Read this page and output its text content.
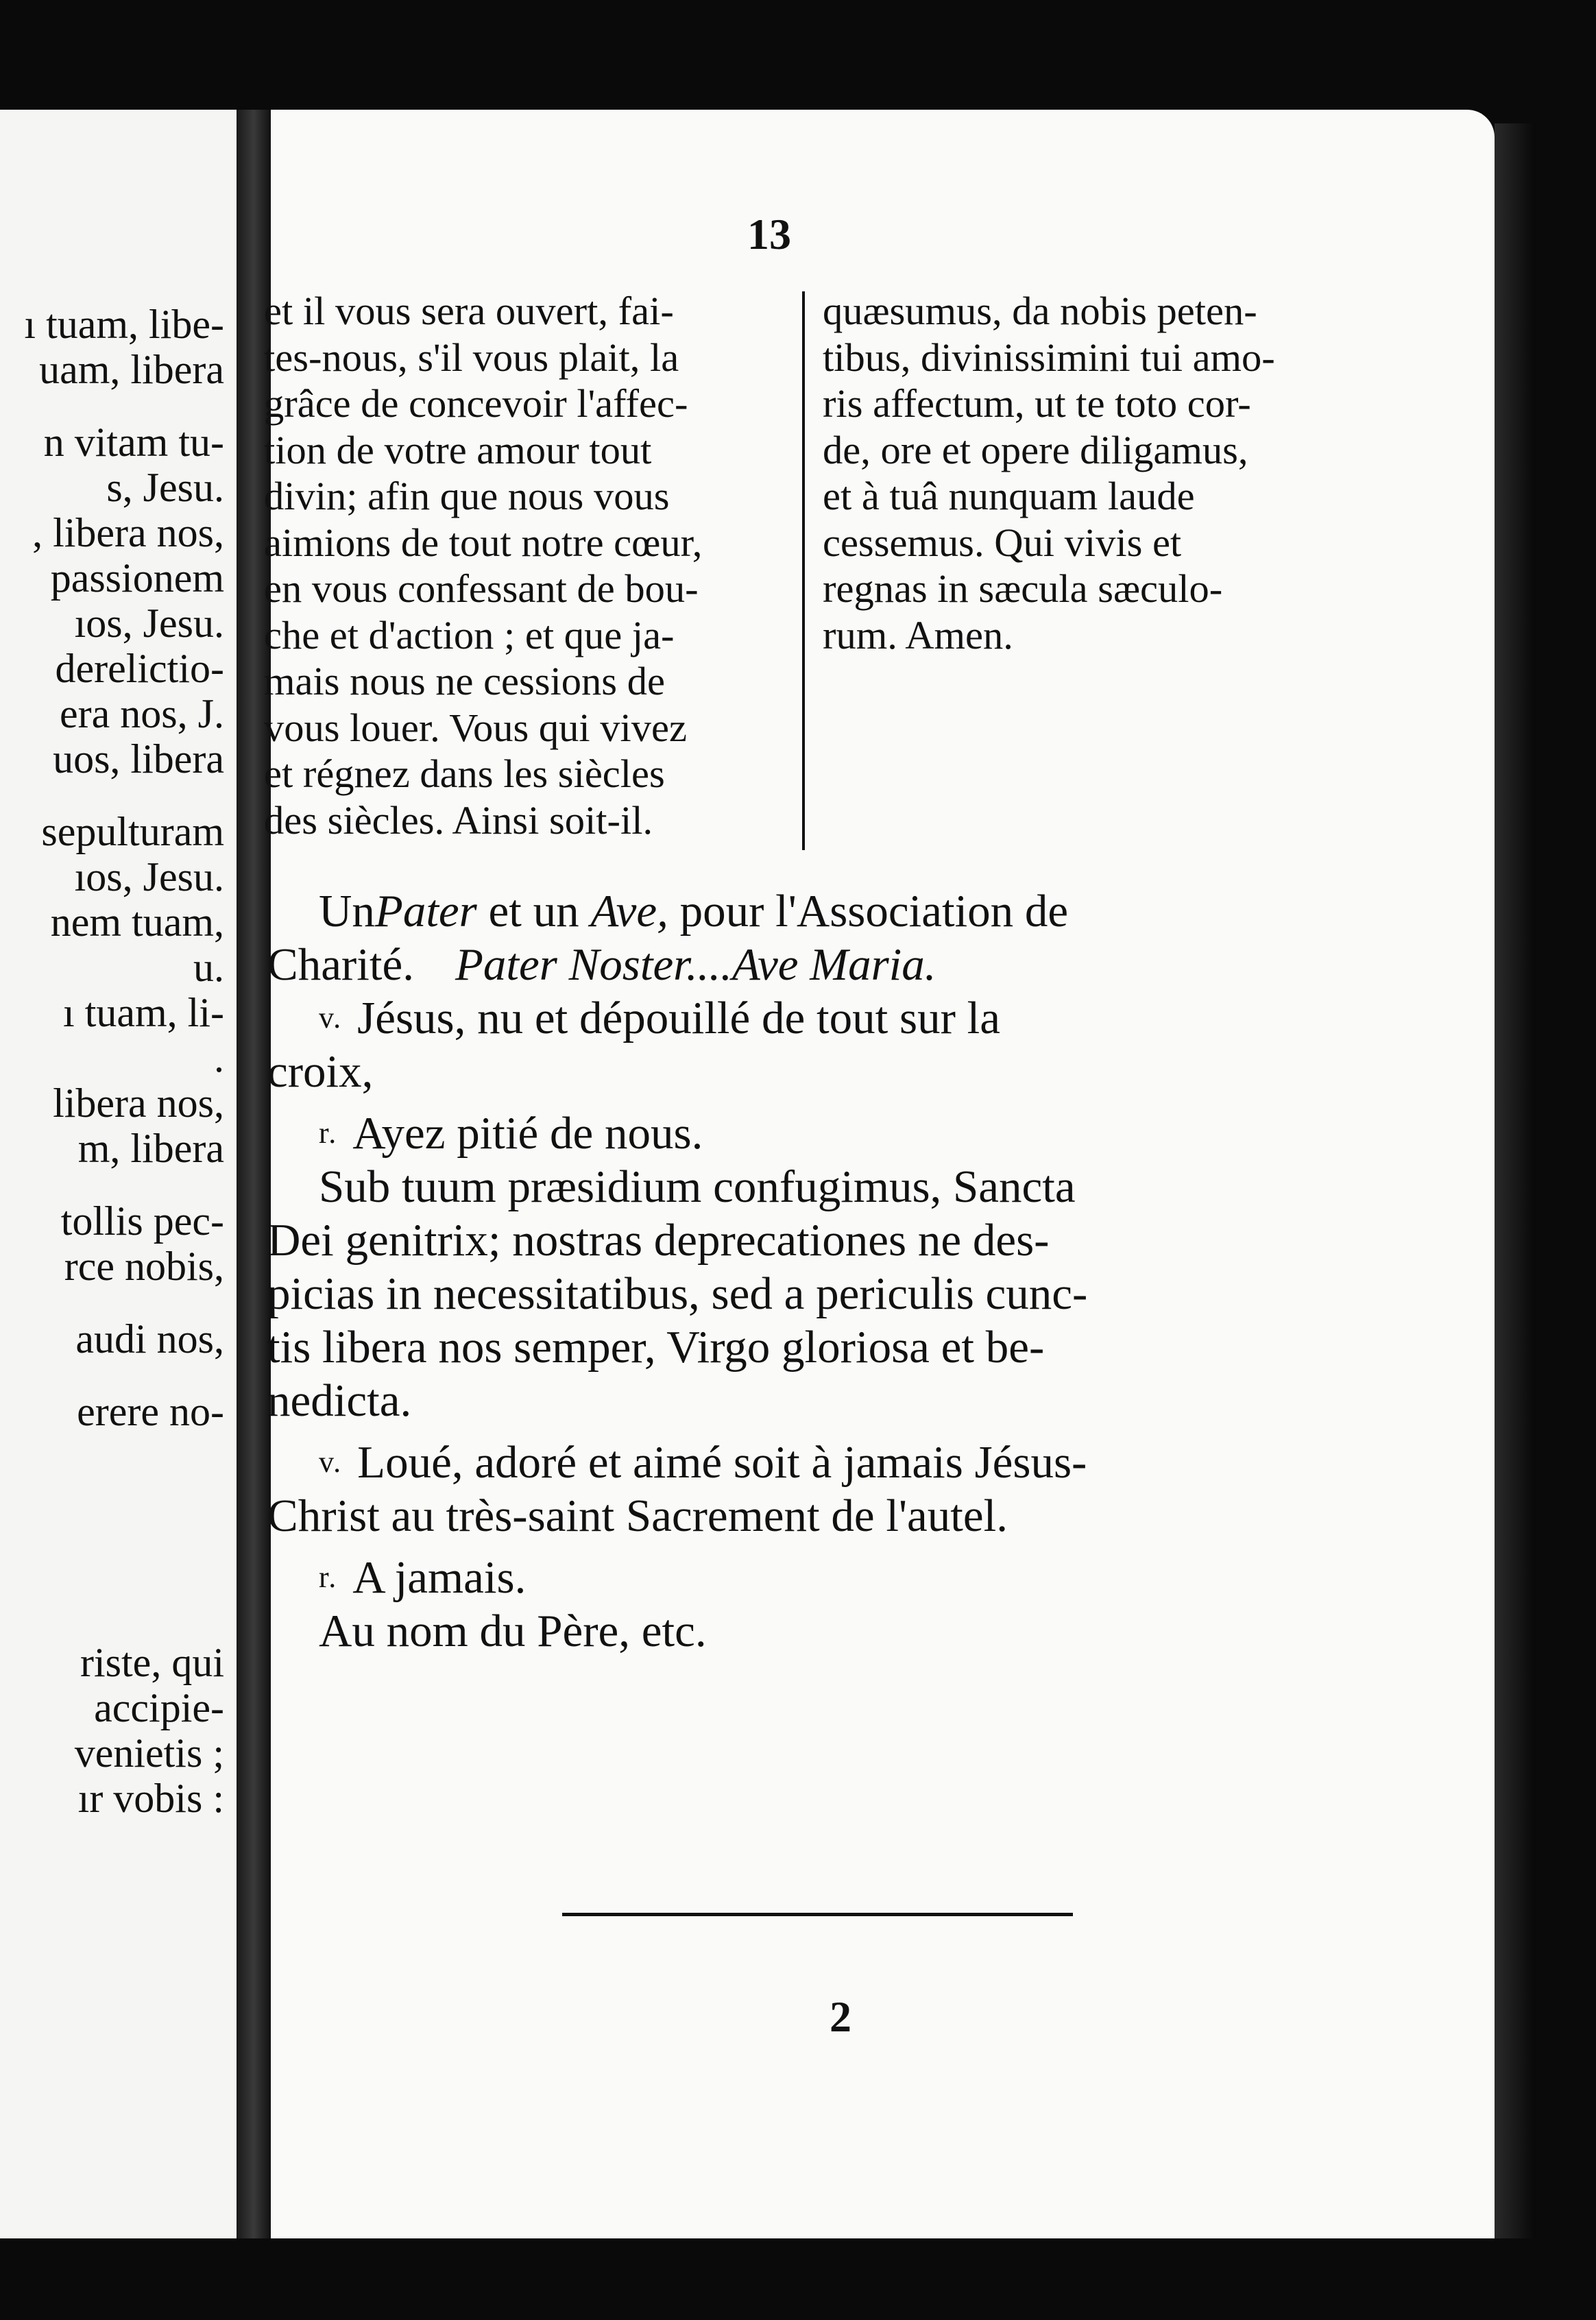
ı tuam, libe-
uam, libera
n vitam tu-
s, Jesu.
, libera nos,
passionem
ıos, Jesu.
derelictio-
era nos, J.
uos, libera
sepulturam
ıos, Jesu.
nem tuam,
u.
ı tuam, li-
.
libera nos,
m, libera
tollis pec-
rce nobis,
audi nos,
erere no-
riste, qui
accipie-
venietis ;
ır vobis :
13
et il vous sera ouvert, fai-
tes-nous, s'il vous plait, la
grâce de concevoir l'affec-
tion de votre amour tout
divin; afin que nous vous
aimions de tout notre cœur,
en vous confessant de bou-
che et d'action ; et que ja-
mais nous ne cessions de
vous louer. Vous qui vivez
et régnez dans les siècles
des siècles. Ainsi soit-il.
quæsumus, da nobis peten-
tibus, divinissimini tui amo-
ris affectum, ut te toto cor-
de, ore et opere diligamus,
et à tuâ nunquam laude
cessemus. Qui vivis et
regnas in sæcula sæculo-
rum. Amen.
Un Pater et un Ave, pour l'Association de
Charité. Pater Noster....Ave Maria.
v. Jésus, nu et dépouillé de tout sur la
croix,
r. Ayez pitié de nous.
Sub tuum præsidium confugimus, Sancta
Dei genitrix; nostras deprecationes ne des-
picias in necessitatibus, sed a periculis cunc-
tis libera nos semper, Virgo gloriosa et be-
nedicta.
v. Loué, adoré et aimé soit à jamais Jésus-
Christ au très-saint Sacrement de l'autel.
r. A jamais.
Au nom du Père, etc.
2
